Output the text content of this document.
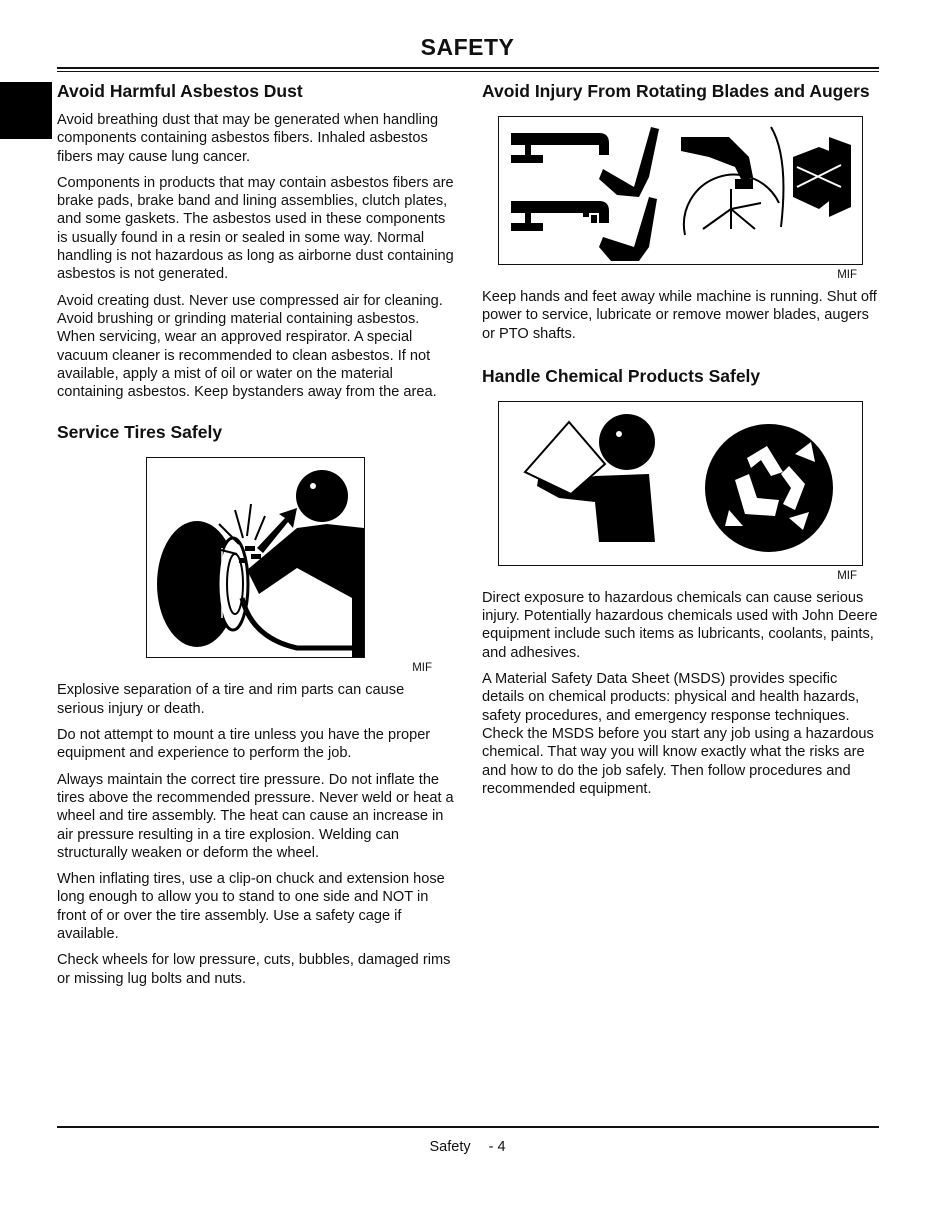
SAFETY
Avoid Harmful Asbestos Dust

Avoid breathing dust that may be generated when handling components containing asbestos fibers. Inhaled asbestos fibers may cause lung cancer.

Components in products that may contain asbestos fibers are brake pads, brake band and lining assemblies, clutch plates, and some gaskets. The asbestos used in these components is usually found in a resin or sealed in some way. Normal handling is not hazardous as long as airborne dust containing asbestos is not generated.

Avoid creating dust. Never use compressed air for cleaning. Avoid brushing or grinding material containing asbestos. When servicing, wear an approved respirator. A special vacuum cleaner is recommended to clean asbestos. If not available, apply a mist of oil or water on the material containing asbestos. Keep bystanders away from the area.

Service Tires Safely
MIF

Explosive separation of a tire and rim parts can cause serious injury or death.

Do not attempt to mount a tire unless you have the proper equipment and experience to perform the job.

Always maintain the correct tire pressure. Do not inflate the tires above the recommended pressure. Never weld or heat a wheel and tire assembly. The heat can cause an increase in air pressure resulting in a tire explosion. Welding can structurally weaken or deform the wheel.

When inflating tires, use a clip-on chuck and extension hose long enough to allow you to stand to one side and NOT in front of or over the tire assembly. Use a safety cage if available.

Check wheels for low pressure, cuts, bubbles, damaged rims or missing lug bolts and nuts.

Avoid Injury From Rotating Blades and Augers
MIF

Keep hands and feet away while machine is running. Shut off power to service, lubricate or remove mower blades, augers or PTO shafts.

Handle Chemical Products Safely
MIF

Direct exposure to hazardous chemicals can cause serious injury. Potentially hazardous chemicals used with John Deere equipment include such items as lubricants, coolants, paints, and adhesives.

A Material Safety Data Sheet (MSDS) provides specific details on chemical products: physical and health hazards, safety procedures, and emergency response techniques. Check the MSDS before you start any job using a hazardous chemical. That way you will know exactly what the risks are and how to do the job safely. Then follow procedures and recommended equipment.

Safety - 4
